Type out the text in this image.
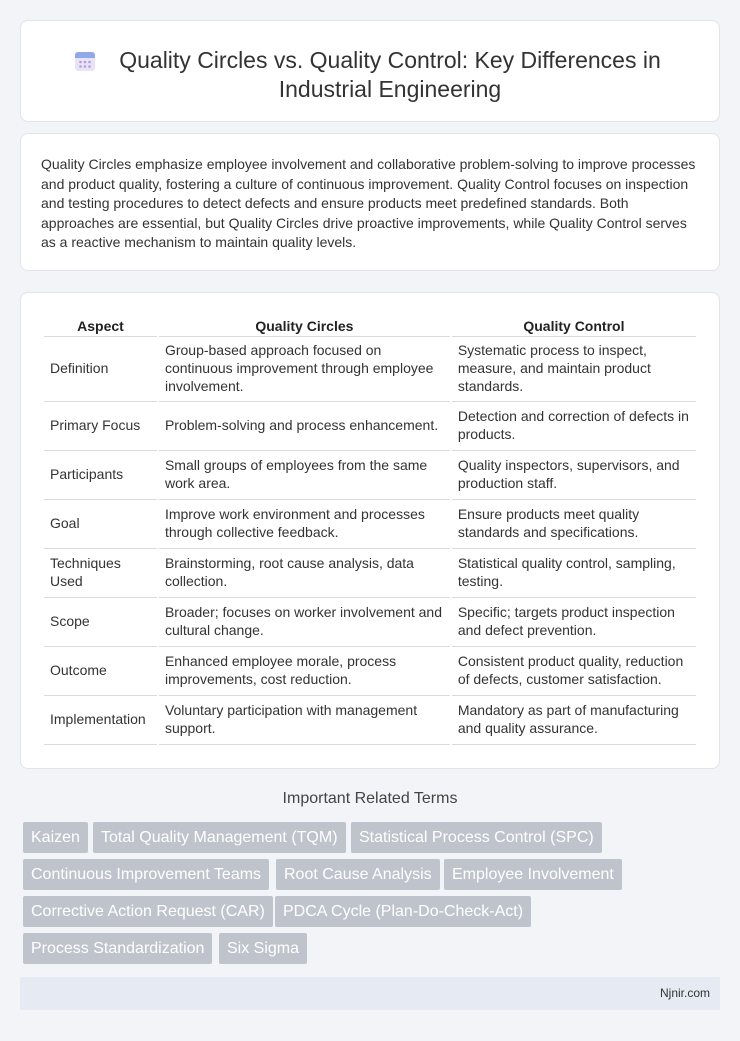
Quality Circles vs. Quality Control: Key Differences in Industrial Engineering

Quality Circles emphasize employee involvement and collaborative problem-solving to improve processes and product quality, fostering a culture of continuous improvement. Quality Control focuses on inspection and testing procedures to detect defects and ensure products meet predefined standards. Both approaches are essential, but Quality Circles drive proactive improvements, while Quality Control serves as a reactive mechanism to maintain quality levels.

Aspect	Quality Circles	Quality Control
Definition	Group-based approach focused on continuous improvement through employee involvement.	Systematic process to inspect, measure, and maintain product standards.
Primary Focus	Problem-solving and process enhancement.	Detection and correction of defects in products.
Participants	Small groups of employees from the same work area.	Quality inspectors, supervisors, and production staff.
Goal	Improve work environment and processes through collective feedback.	Ensure products meet quality standards and specifications.
Techniques Used	Brainstorming, root cause analysis, data collection.	Statistical quality control, sampling, testing.
Scope	Broader; focuses on worker involvement and cultural change.	Specific; targets product inspection and defect prevention.
Outcome	Enhanced employee morale, process improvements, cost reduction.	Consistent product quality, reduction of defects, customer satisfaction.
Implementation	Voluntary participation with management support.	Mandatory as part of manufacturing and quality assurance.
Important Related Terms
Kaizen	Total Quality Management (TQM)	Statistical Process Control (SPC)
Continuous Improvement Teams	Root Cause Analysis	Employee Involvement
Corrective Action Request (CAR)	PDCA Cycle (Plan-Do-Check-Act)
Process Standardization	Six Sigma
Njnir.com
